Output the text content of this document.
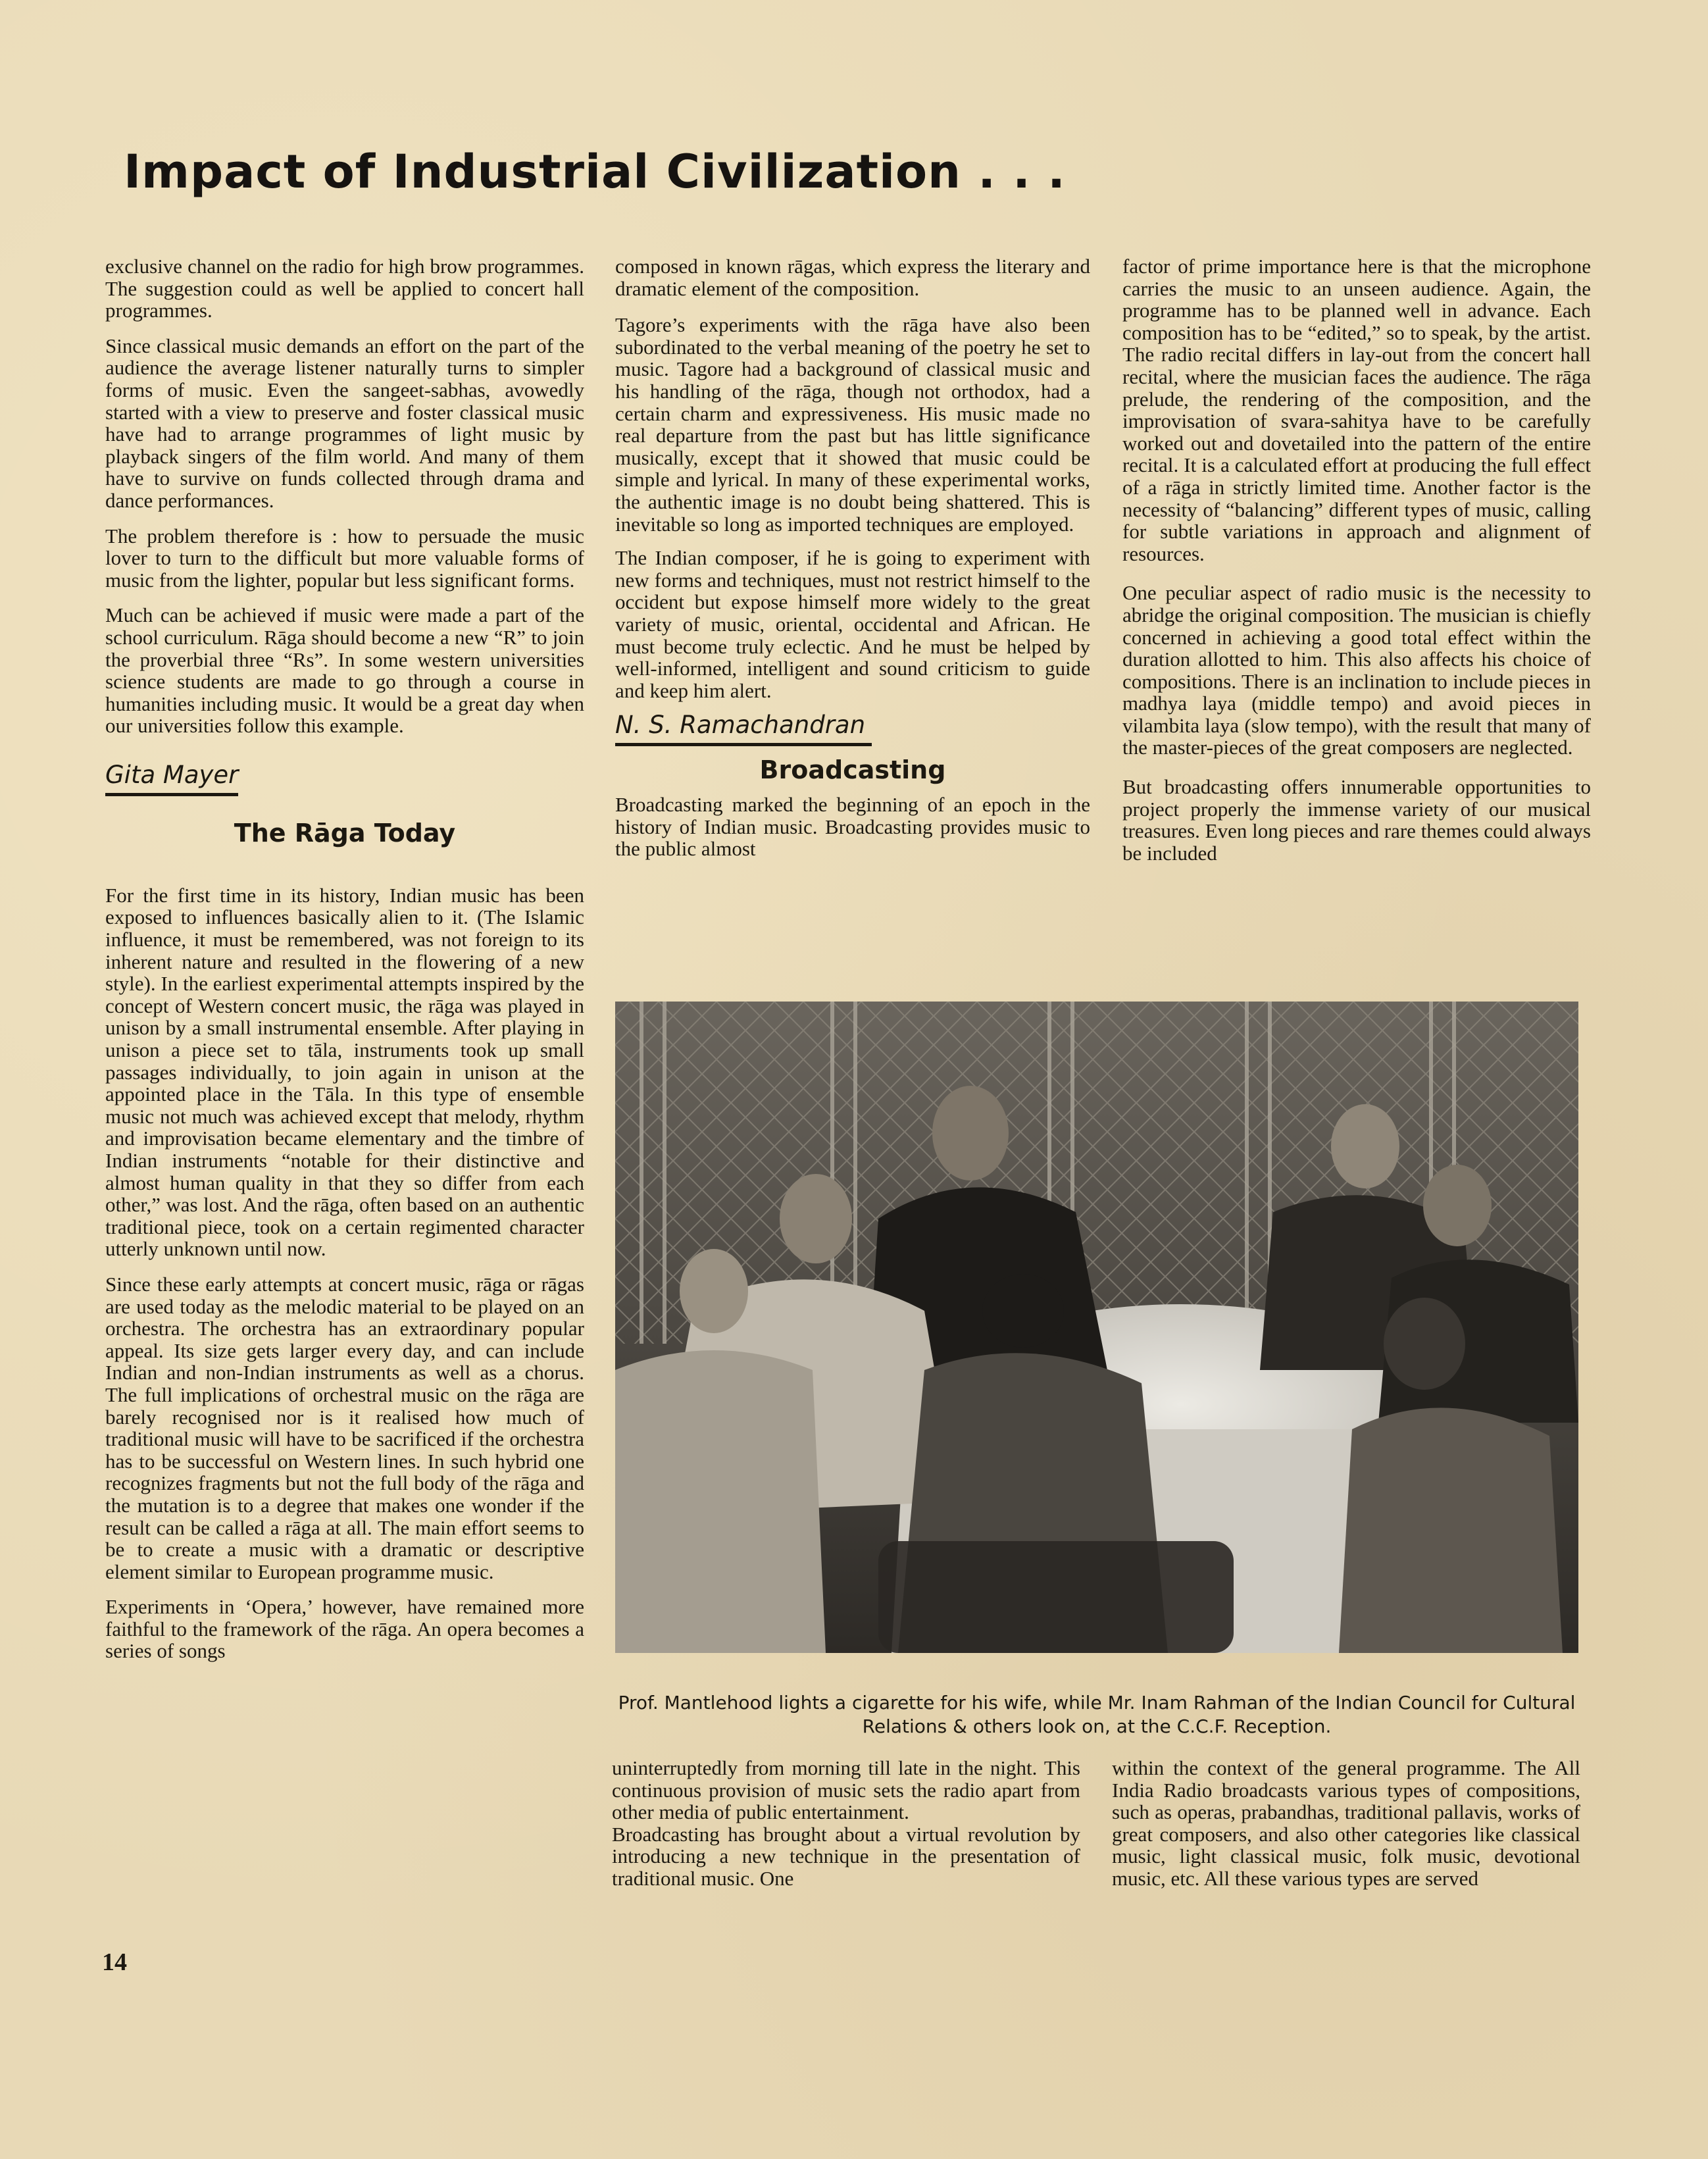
Impact of Industrial Civilization . . .

exclusive channel on the radio for high brow programmes. The suggestion could as well be applied to concert hall programmes.

Since classical music demands an effort on the part of the audience the average listener naturally turns to simpler forms of music. Even the sangeet-sabhas, avowedly started with a view to preserve and foster classical music have had to arrange programmes of light music by playback singers of the film world. And many of them have to survive on funds collected through drama and dance performances.

The problem therefore is : how to persuade the music lover to turn to the difficult but more valuable forms of music from the lighter, popular but less significant forms.

Much can be achieved if music were made a part of the school curriculum. Rāga should become a new “R” to join the proverbial three “Rs”. In some western universities science students are made to go through a course in humanities including music. It would be a great day when our universities follow this example.

Gita Mayer
The Rāga Today

For the first time in its history, Indian music has been exposed to influences basically alien to it. (The Islamic influence, it must be remembered, was not foreign to its inherent nature and resulted in the flowering of a new style). In the earliest experimental attempts inspired by the concept of Western concert music, the rāga was played in unison by a small instrumental ensemble. After playing in unison a piece set to tāla, instruments took up small passages individually, to join again in unison at the appointed place in the Tāla. In this type of ensemble music not much was achieved except that melody, rhythm and improvisation became elementary and the timbre of Indian instruments “notable for their distinctive and almost human quality in that they so differ from each other,” was lost. And the rāga, often based on an authentic traditional piece, took on a certain regimented character utterly unknown until now.

Since these early attempts at concert music, rāga or rāgas are used today as the melodic material to be played on an orchestra. The orchestra has an extraordinary popular appeal. Its size gets larger every day, and can include Indian and non-Indian instruments as well as a chorus. The full implications of orchestral music on the rāga are barely recognised nor is it realised how much of traditional music will have to be sacrificed if the orchestra has to be successful on Western lines. In such hybrid one recognizes fragments but not the full body of the rāga and the mutation is to a degree that makes one wonder if the result can be called a rāga at all. The main effort seems to be to create a music with a dramatic or descriptive element similar to European programme music.

Experiments in ‘Opera,’ however, have remained more faithful to the framework of the rāga. An opera becomes a series of songs

composed in known rāgas, which express the literary and dramatic element of the composition.

Tagore’s experiments with the rāga have also been subordinated to the verbal meaning of the poetry he set to music. Tagore had a background of classical music and his handling of the rāga, though not orthodox, had a certain charm and expressiveness. His music made no real departure from the past but has little significance musically, except that it showed that music could be simple and lyrical. In many of these experimental works, the authentic image is no doubt being shattered. This is inevitable so long as imported techniques are employed.

The Indian composer, if he is going to experiment with new forms and techniques, must not restrict himself to the occident but expose himself more widely to the great variety of music, oriental, occidental and African. He must become truly eclectic. And he must be helped by well-informed, intelligent and sound criticism to guide and keep him alert.

N. S. Ramachandran
Broadcasting

Broadcasting marked the beginning of an epoch in the history of Indian music. Broadcasting provides music to the public almost

factor of prime importance here is that the microphone carries the music to an unseen audience. Again, the programme has to be planned well in advance. Each composition has to be “edited,” so to speak, by the artist. The radio recital differs in lay-out from the concert hall recital, where the musician faces the audience. The rāga prelude, the rendering of the composition, and the improvisation of svara-sahitya have to be carefully worked out and dovetailed into the pattern of the entire recital. It is a calculated effort at producing the full effect of a rāga in strictly limited time. Another factor is the necessity of “balancing” different types of music, calling for subtle variations in approach and alignment of resources.

One peculiar aspect of radio music is the necessity to abridge the original composition. The musician is chiefly concerned in achieving a good total effect within the duration allotted to him. This also affects his choice of compositions. There is an inclination to include pieces in madhya laya (middle tempo) and avoid pieces in vilambita laya (slow tempo), with the result that many of the master-pieces of the great composers are neglected.

But broadcasting offers innumerable opportunities to project properly the immense variety of our musical treasures. Even long pieces and rare themes could always be included

Prof. Mantlehood lights a cigarette for his wife, while Mr. Inam Rahman of the Indian Council for Cultural Relations & others look on, at the C.C.F. Reception.

uninterruptedly from morning till late in the night. This continuous provision of music sets the radio apart from other media of public entertainment.

Broadcasting has brought about a virtual revolution by introducing a new technique in the presentation of traditional music. One

within the context of the general programme. The All India Radio broadcasts various types of compositions, such as operas, prabandhas, traditional pallavis, works of great composers, and also other categories like classical music, light classical music, folk music, devotional music, etc. All these various types are served

14
